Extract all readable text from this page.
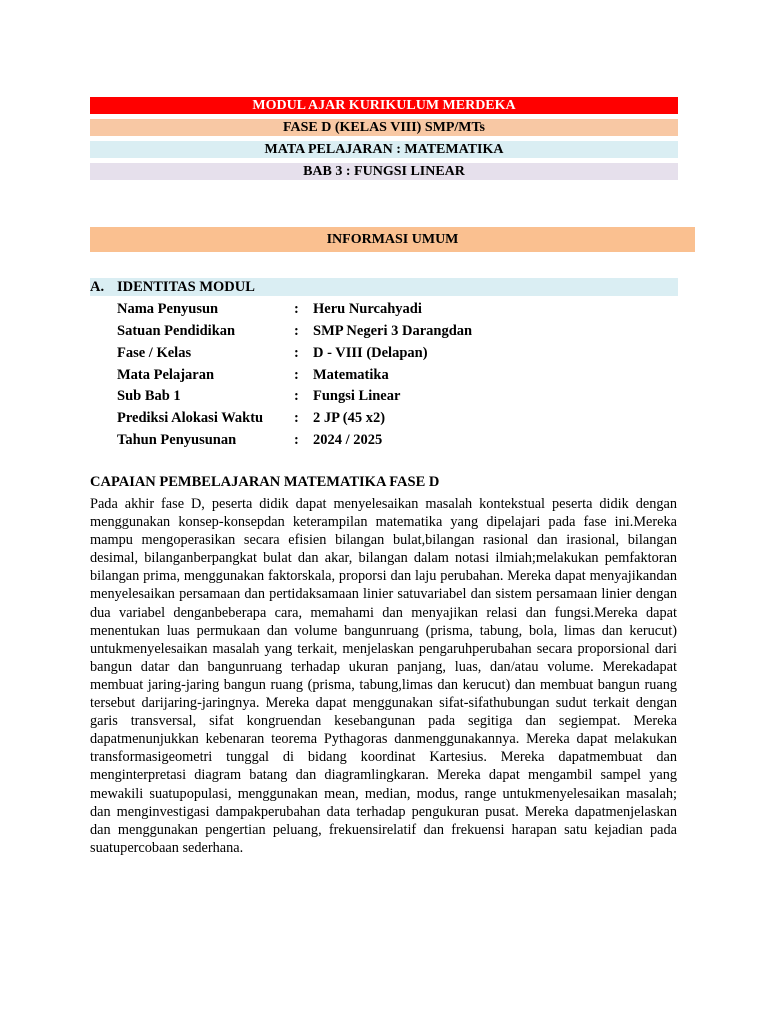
MODUL AJAR KURIKULUM MERDEKA
FASE D (KELAS VIII) SMP/MTs
MATA PELAJARAN : MATEMATIKA
BAB 3 : FUNGSI LINEAR
INFORMASI UMUM
A. IDENTITAS MODUL
Nama Penyusun	: Heru Nurcahyadi
Satuan Pendidikan	: SMP Negeri 3 Darangdan
Fase / Kelas	: D - VIII (Delapan)
Mata Pelajaran	: Matematika
Sub Bab 1	: Fungsi Linear
Prediksi Alokasi Waktu : 2 JP (45 x2)
Tahun Penyusunan	: 2024 / 2025
CAPAIAN PEMBELAJARAN MATEMATIKA FASE D

Pada akhir fase D, peserta didik dapat menyelesaikan masalah kontekstual peserta didik dengan menggunakan konsep-konsepdan keterampilan matematika yang dipelajari pada fase ini.Mereka mampu mengoperasikan secara efisien bilangan bulat,bilangan rasional dan irasional, bilangan desimal, bilanganberpangkat bulat dan akar, bilangan dalam notasi ilmiah;melakukan pemfaktoran bilangan prima, menggunakan faktorskala, proporsi dan laju perubahan. Mereka dapat menyajikandan menyelesaikan persamaan dan pertidaksamaan linier satuvariabel dan sistem persamaan linier dengan dua variabel denganbeberapa cara, memahami dan menyajikan relasi dan fungsi.Mereka dapat menentukan luas permukaan dan volume bangunruang (prisma, tabung, bola, limas dan kerucut) untukmenyelesaikan masalah yang terkait, menjelaskan pengaruhperubahan secara proporsional dari bangun datar dan bangunruang terhadap ukuran panjang, luas, dan/atau volume. Merekadapat membuat jaring-jaring bangun ruang (prisma, tabung,limas dan kerucut) dan membuat bangun ruang tersebut darijaring-jaringnya. Mereka dapat menggunakan sifat-sifathubungan sudut terkait dengan garis transversal, sifat kongruendan kesebangunan pada segitiga dan segiempat. Mereka dapatmenunjukkan kebenaran teorema Pythagoras danmenggunakannya. Mereka dapat melakukan transformasigeometri tunggal di bidang koordinat Kartesius. Mereka dapatmembuat dan menginterpretasi diagram batang dan diagramlingkaran. Mereka dapat mengambil sampel yang mewakili suatupopulasi, menggunakan mean, median, modus, range untukmenyelesaikan masalah; dan menginvestigasi dampakperubahan data terhadap pengukuran pusat. Mereka dapatmenjelaskan dan menggunakan pengertian peluang, frekuensirelatif dan frekuensi harapan satu kejadian pada suatupercobaan sederhana.
